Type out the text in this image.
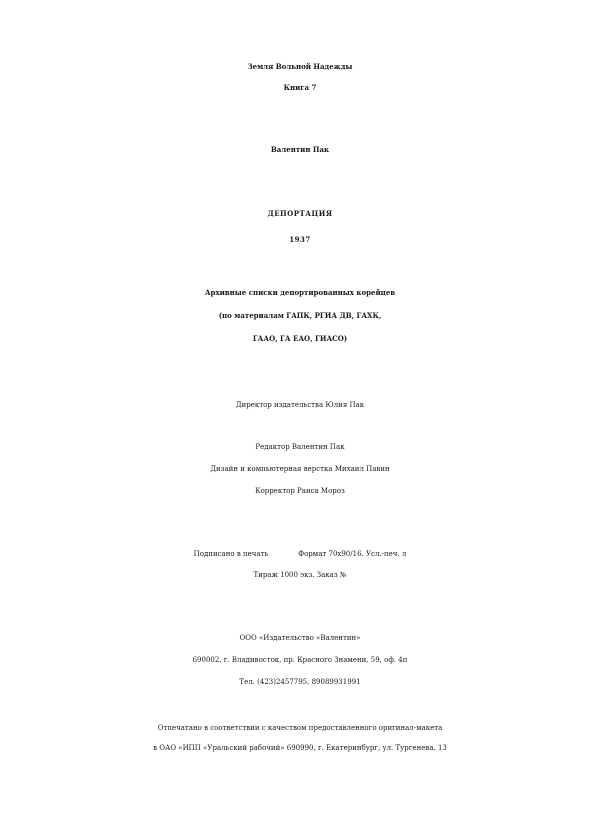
Земля Вольной Надежды
Книга 7
Валентин Пак
ДЕПОРТАЦИЯ
1937
Архивные списки депортированных корейцев
(по материалам ГАПК, РГИА ДВ, ГАХК,
ГААО, ГА ЕАО, ГИАСО)
Директор издательства Юлия Пак
Редактор Валентин Пак
Дизайн и компьютерная верстка Михаил Павин
Корректор Раиса Мороз
Подписано в печать	Формат 70х90/16. Усл.-печ. л
Тираж 1000 экз. Заказ №
ООО «Издательство «Валентин»
690002, г. Владивосток, пр. Красного Знамени, 59, оф. 4п
Тел. (423)2457795, 89089931991
Отпечатано в соответствии с качеством предоставленного оригинал-макета
в ОАО «ИПП «Уральский рабочий» 690990, г. Екатеринбург, ул. Тургенева, 13
